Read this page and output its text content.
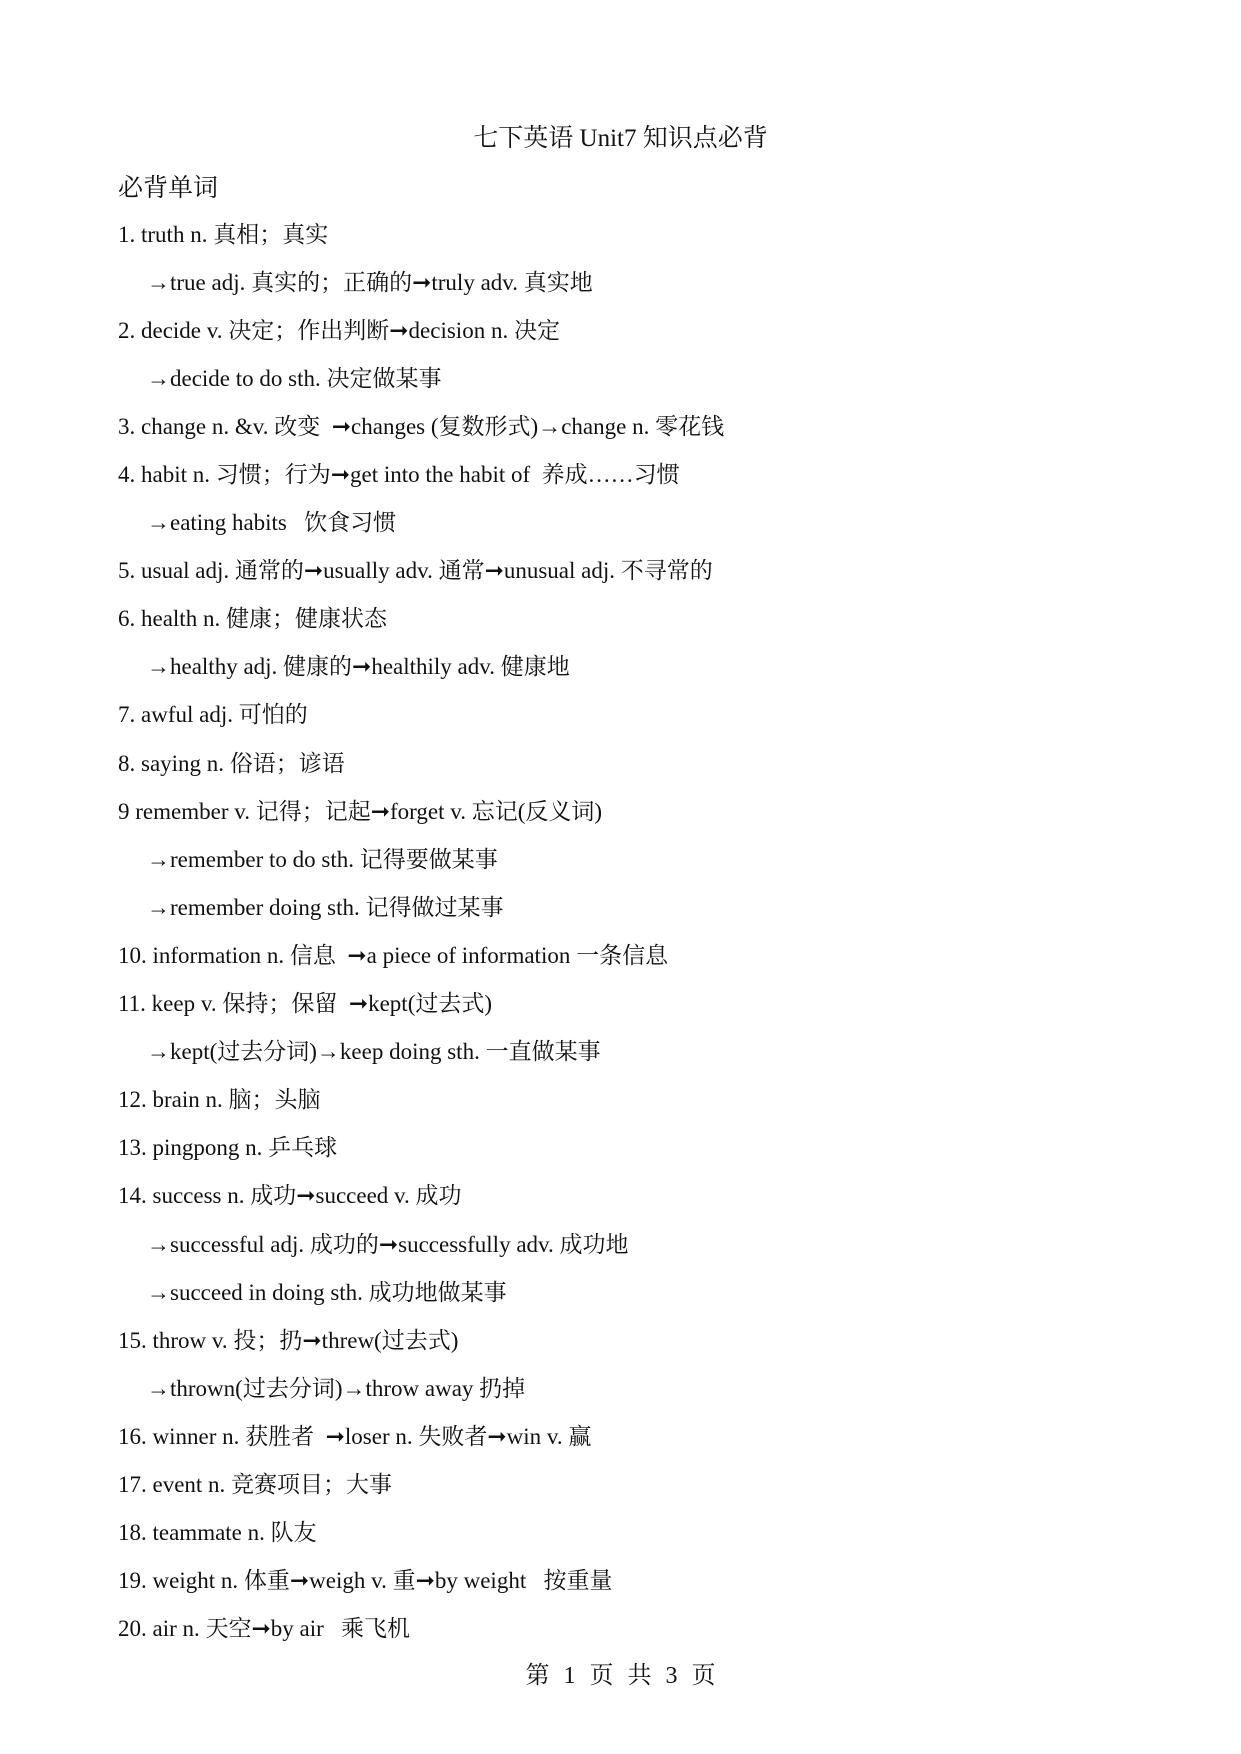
七下英语 Unit7 知识点必背
必背单词
1. truth n. 真相；真实
→true adj. 真实的；正确的➞truly adv. 真实地
2. decide v. 决定；作出判断➞decision n. 决定
→decide to do sth. 决定做某事
3. change n. &v. 改变  ➞changes (复数形式)→change n. 零花钱
4. habit n. 习惯；行为➞get into the habit of  养成……习惯
→eating habits   饮食习惯
5. usual adj. 通常的➞usually adv. 通常➞unusual adj. 不寻常的
6. health n. 健康；健康状态
→healthy adj. 健康的➞healthily adv. 健康地
7. awful adj. 可怕的
8. saying n. 俗语；谚语
9 remember v. 记得；记起➞forget v. 忘记(反义词)
→remember to do sth. 记得要做某事
→remember doing sth. 记得做过某事
10. information n. 信息  ➞a piece of information 一条信息
11. keep v. 保持；保留  ➞kept(过去式)
→kept(过去分词)→keep doing sth. 一直做某事
12. brain n. 脑；头脑
13. pingpong n. 乒乓球
14. success n. 成功➞succeed v. 成功
→successful adj. 成功的➞successfully adv. 成功地
→succeed in doing sth. 成功地做某事
15. throw v. 投；扔➞threw(过去式)
→thrown(过去分词)→throw away 扔掉
16. winner n. 获胜者  ➞loser n. 失败者➞win v. 赢
17. event n. 竞赛项目；大事
18. teammate n. 队友
19. weight n. 体重➞weigh v. 重➞by weight   按重量
20. air n. 天空➞by air   乘飞机
第 1 页 共 3 页
